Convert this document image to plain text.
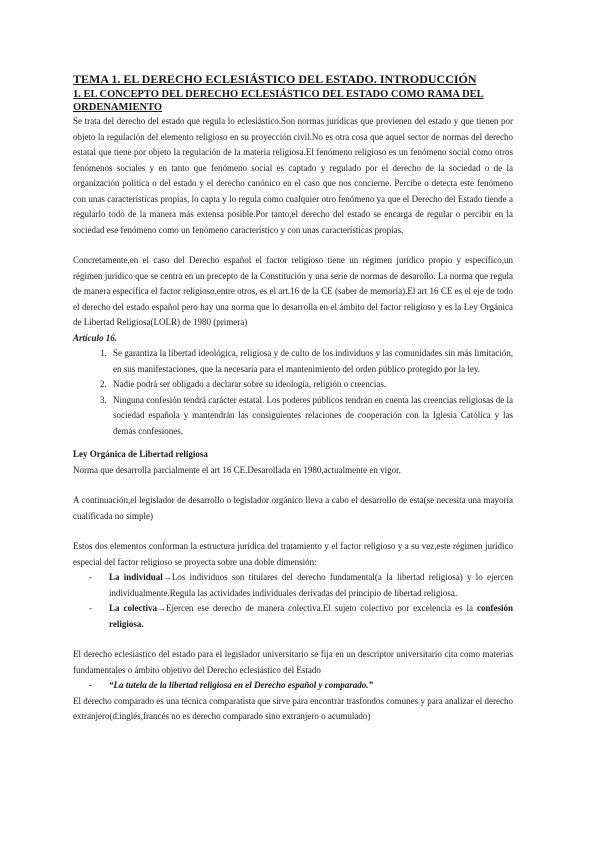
TEMA 1. EL DERECHO ECLESIÁSTICO DEL ESTADO. INTRODUCCIÓN
1. EL CONCEPTO DEL DERECHO ECLESIÁSTICO DEL ESTADO COMO RAMA DEL ORDENAMIENTO

Se trata del derecho del estado que regula lo eclesiástico.Son normas jurídicas que provienen del estado y que tienen por objeto la regulación del elemento religioso en su proyección civil.No es otra cosa que aquel sector de normas del derecho estatal que tiene por objeto la regulación de la materia religiosa.El fenómeno religioso es un fenómeno social como otros fenómenos sociales y en tanto que fenómeno social es captado y regulado por el derecho de la sociedad o de la organización política o del estado y el derecho canónico en el caso que nos concierne. Percibe o detecta este fenómeno con unas características propias, lo capta y lo regula como cualquier otro fenómeno ya que el Derecho del Estado tiende a regularlo todo de la manera más extensa posible.Por tanto,el derecho del estado se encarga de regular o percibir en la sociedad ese fenómeno como un fenómeno característico y con unas características propias.

Concretamente,en el caso del Derecho español el factor religioso tiene un régimen jurídico propio y específico,un régimen jurídico que se centra en un precepto de la Constitución y una serie de normas de desarollo. La norma que regula de manera específica el factor religioso,entre otros, es el art.16 de la CE (saber de memoria).El art 16 CE es el eje de todo el derecho del estado español pero hay una norma que lo desarrolla en el ámbito del factor religioso y es la Ley Orgánica de Libertad Religiosa(LOLR) de 1980 (primera)

Artículo 16.

1. Se garantiza la libertad ideológica, religiosa y de culto de los individuos y las comunidades sin más limitación, en sus manifestaciones, que la necesaria para el mantenimiento del orden público protegido por la ley.
2. Nadie podrá ser obligado a declarar sobre su ideología, religión o creencias.
3. Ninguna confesión tendrá carácter estatal. Los poderes públicos tendrán en cuenta las creencias religiosas de la sociedad española y mantendrán las consiguientes relaciones de cooperación con la Iglesia Católica y las demás confesiones.

Ley Orgánica de Libertad religiosa

Norma que desarrolla parcialmente el art 16 CE.Desarollada en 1980,actualmente en vigor.

A continuación,el legislador de desarrollo o legislador orgánico lleva a cabo el desarrollo de esta(se necesita una mayoría cualificada no simple)

Estos dos elementos conforman la estructura jurídica del tratamiento y el factor religioso y a su vez,este régimen jurídico especial del factor religioso se proyecta sobre una doble dimensión:

- La individual→Los individuos son titulares del derecho fundamental(a la libertad religiosa) y lo ejercen individualmente.Regula las actividades individuales derivadas del principio de libertad religiosa.
- La colectiva→Ejercen ese derecho de manera colectiva.El sujeto colectivo por excelencia es la confesión religiosa.

El derecho eclesiastico del estado para el legislador universitario se fija en un descriptor universitario cita como materias fundamentales o ámbito objetivo del Derecho eclesiástico del Estado

- “La tutela de la libertad religiosa en el Derecho español y comparado.”

El derecho comparado es una técnica comparatista que sirve para encontrar trasfondos comunes y para analizar el derecho extranjero(d.inglés,francés no es derecho comparado sino extranjero o acumulado)
